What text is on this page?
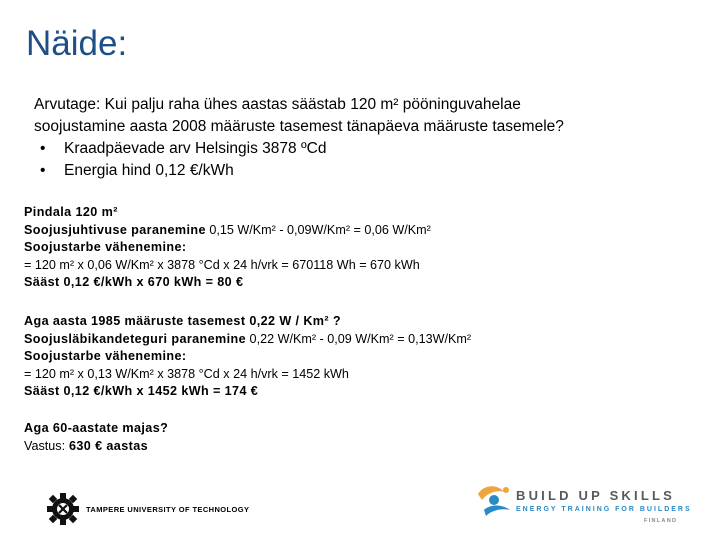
Näide:
Arvutage: Kui palju raha ühes aastas säästab 120 m² pööninguvahelae
soojustamine aasta 2008 määruste tasemest tänapäeva määruste tasemele?
• Kraadpäevade arv Helsingis 3878 ºCd
• Energia hind 0,12 €/kWh
Pindala 120 m²
Soojusjuhtivuse paranemine 0,15 W/Km² - 0,09W/Km² = 0,06 W/Km²
Soojustarbe vähenemine:
= 120 m² x 0,06 W/Km² x 3878 °Cd x 24 h/vrk = 670118 Wh = 670 kWh
Sääst 0,12 €/kWh x 670 kWh = 80 €
Aga aasta 1985 määruste tasemest 0,22 W / Km² ?
Soojusläbikandeteguri paranemine 0,22 W/Km² - 0,09 W/Km² = 0,13W/Km²
Soojustarbe vähenemine:
= 120 m² x 0,13 W/Km² x 3878 °Cd x 24 h/vrk = 1452 kWh
Sääst 0,12 €/kWh x 1452 kWh = 174 €
Aga 60-aastate majas?
Vastus: 630 € aastas
TAMPERE UNIVERSITY OF TECHNOLOGY
BUILD UP SKILLS
ENERGY TRAINING FOR BUILDERS
FINLAND
